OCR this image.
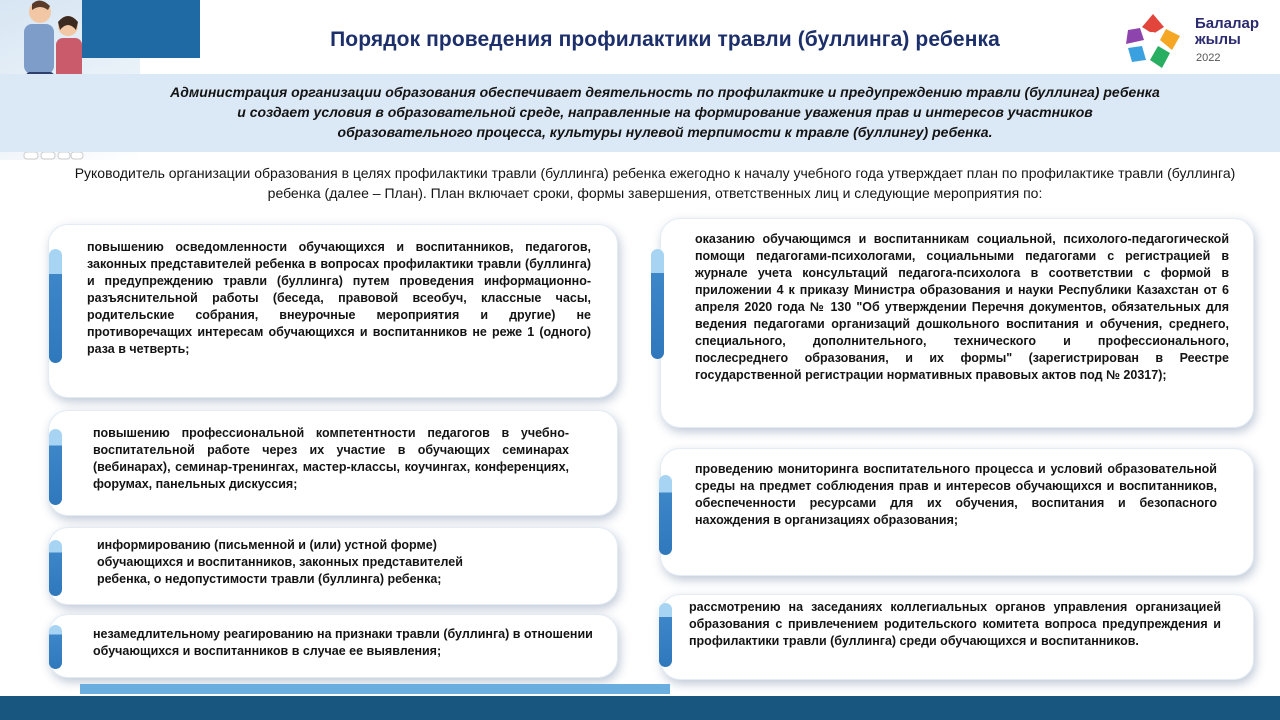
Порядок проведения профилактики травли (буллинга) ребенка
Балалар
жылы
2022
Администрация организации образования обеспечивает деятельность по профилактике и предупреждению травли (буллинга) ребенка и создает условия в образовательной среде, направленные на формирование уважения прав и интересов участников образовательного процесса, культуры нулевой терпимости к травле (буллингу) ребенка.
Руководитель организации образования в целях профилактики травли (буллинга) ребенка ежегодно к началу учебного года утверждает план по профилактике травли (буллинга) ребенка (далее – План). План включает сроки, формы завершения, ответственных лиц и следующие мероприятия по:
повышению осведомленности обучающихся и воспитанников, педагогов, законных представителей ребенка в вопросах профилактики травли (буллинга) и предупреждению травли (буллинга) путем проведения информационно-разъяснительной работы (беседа, правовой всеобуч, классные часы, родительские собрания, внеурочные мероприятия и другие) не противоречащих интересам обучающихся и воспитанников не реже 1 (одного) раза в четверть;
повышению профессиональной компетентности педагогов в учебно-воспитательной работе через их участие в обучающих семинарах (вебинарах), семинар-тренингах, мастер-классы, коучингах, конференциях, форумах, панельных дискуссия;
информированию (письменной и (или) устной форме) обучающихся и воспитанников, законных представителей ребенка, о недопустимости травли (буллинга) ребенка;
незамедлительному реагированию на признаки травли (буллинга) в отношении обучающихся и воспитанников в случае ее выявления;
оказанию обучающимся и воспитанникам социальной, психолого-педагогической помощи педагогами-психологами, социальными педагогами с регистрацией в журнале учета консультаций педагога-психолога в соответствии с формой в приложении 4 к приказу Министра образования и науки Республики Казахстан от 6 апреля 2020 года № 130 "Об утверждении Перечня документов, обязательных для ведения педагогами организаций дошкольного воспитания и обучения, среднего, специального, дополнительного, технического и профессионального, послесреднего образования, и их формы" (зарегистрирован в Реестре государственной регистрации нормативных правовых актов под № 20317);
проведению мониторинга воспитательного процесса и условий образовательной среды на предмет соблюдения прав и интересов обучающихся и воспитанников, обеспеченности ресурсами для их обучения, воспитания и безопасного нахождения в организациях образования;
рассмотрению на заседаниях коллегиальных органов управления организацией образования с привлечением родительского комитета вопроса предупреждения и профилактики травли (буллинга) среди обучающихся и воспитанников.
